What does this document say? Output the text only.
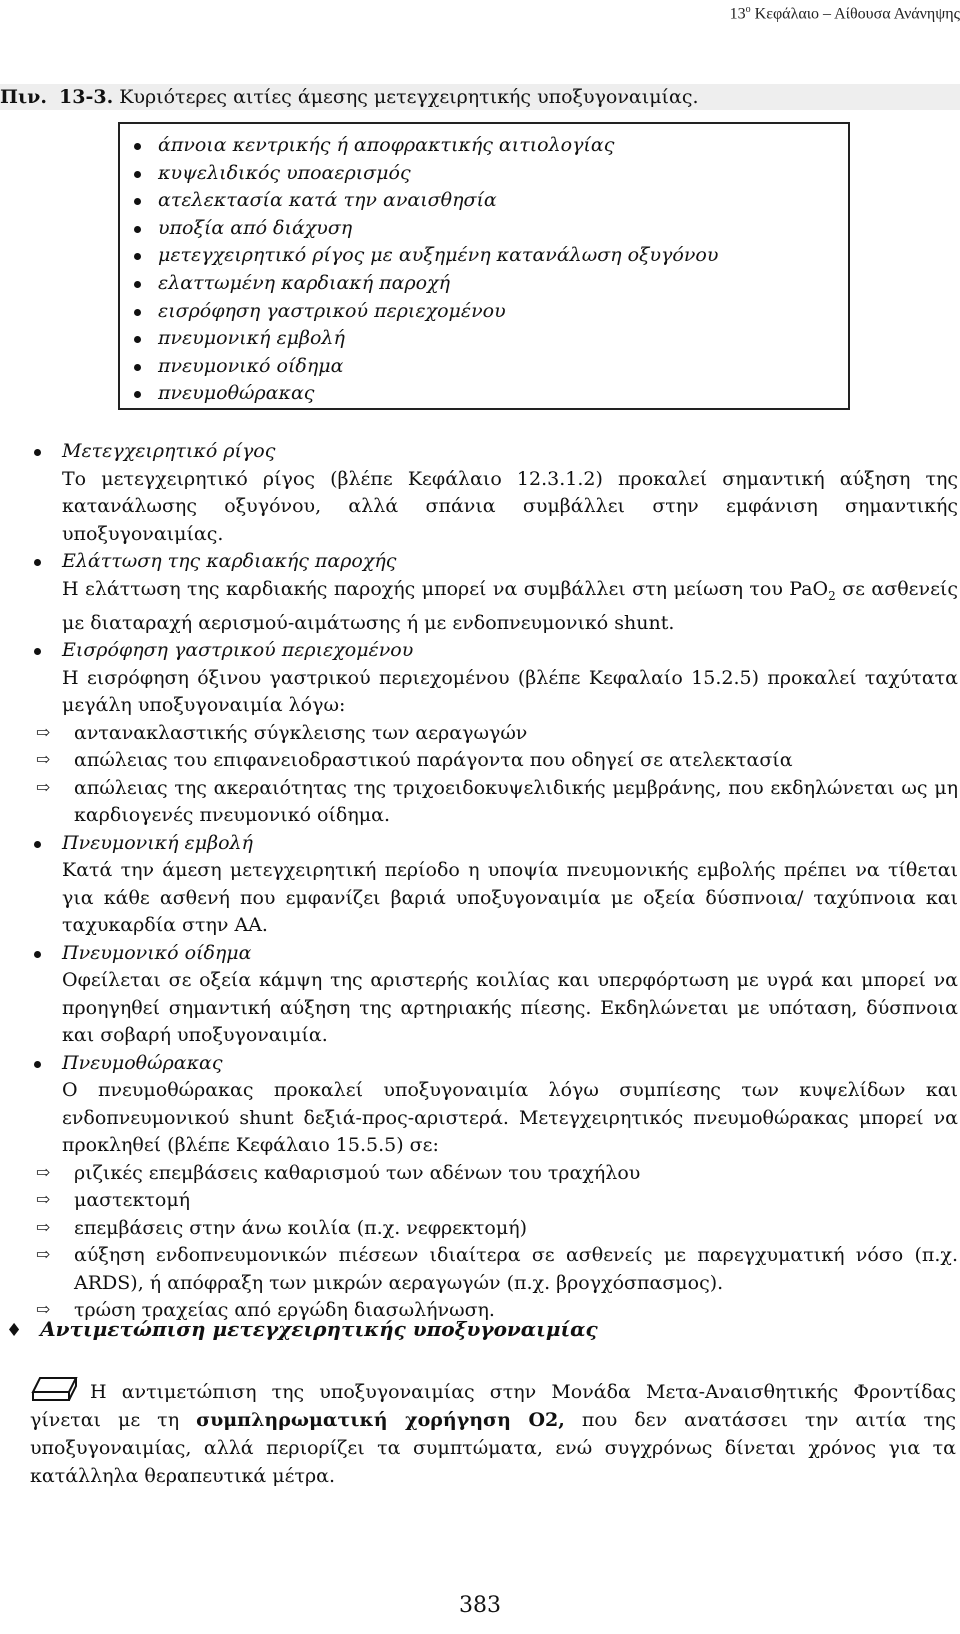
$13^o$ Κεφάλαιο – Αίθουσα Ανάνηψης
Πιν. 13-3. Κυριότερες αιτίες άμεσης μετεγχειρητικής υποξυγοναιμίας.
άπνοια κεντρικής ή αποφρακτικής αιτιολογίας
κυψελιδικός υποαερισμός
ατελεκτασία κατά την αναισθησία
υποξία από διάχυση
μετεγχειρητικό ρίγος με αυξημένη κατανάλωση οξυγόνου
ελαττωμένη καρδιακή παροχή
εισρόφηση γαστρικού περιεχομένου
πνευμονική εμβολή
πνευμονικό οίδημα
πνευμοθώρακας
Μετεγχειρητικό ρίγος
Το μετεγχειρητικό ρίγος (βλέπε Κεφάλαιο 12.3.1.2) προκαλεί σημαντική αύξηση της κατανάλωσης οξυγόνου, αλλά σπάνια συμβάλλει στην εμφάνιση σημαντικής υποξυγοναιμίας.
Ελάττωση της καρδιακής παροχής
Η ελάττωση της καρδιακής παροχής μπορεί να συμβάλλει στη μείωση του PaO$_2$ σε ασθενείς με διαταραχή αερισμού-αιμάτωσης ή με ενδοπνευμονικό shunt.
Εισρόφηση γαστρικού περιεχομένου
Η εισρόφηση όξινου γαστρικού περιεχομένου (βλέπε Κεφαλαίο 15.2.5) προκαλεί ταχύτατα μεγάλη υποξυγοναιμία λόγω:
⇨ αντανακλαστικής σύγκλεισης των αεραγωγών
⇨ απώλειας του επιφανειοδραστικού παράγοντα που οδηγεί σε ατελεκτασία
⇨ απώλειας της ακεραιότητας της τριχοειδοκυψελιδικής μεμβράνης, που εκδηλώνεται ως μη καρδιογενές πνευμονικό οίδημα.
Πνευμονική εμβολή
Κατά την άμεση μετεγχειρητική περίοδο η υποψία πνευμονικής εμβολής πρέπει να τίθεται για κάθε ασθενή που εμφανίζει βαριά υποξυγοναιμία με οξεία δύσπνοια/ ταχύπνοια και ταχυκαρδία στην ΑΑ.
Πνευμονικό οίδημα
Οφείλεται σε οξεία κάμψη της αριστερής κοιλίας και υπερφόρτωση με υγρά και μπορεί να προηγηθεί σημαντική αύξηση της αρτηριακής πίεσης. Εκδηλώνεται με υπόταση, δύσπνοια και σοβαρή υποξυγοναιμία.
Πνευμοθώρακας
Ο πνευμοθώρακας προκαλεί υποξυγοναιμία λόγω συμπίεσης των κυψελίδων και ενδοπνευμονικού shunt δεξιά-προς-αριστερά. Μετεγχειρητικός πνευμοθώρακας μπορεί να προκληθεί (βλέπε Κεφάλαιο 15.5.5) σε:
⇨ ριζικές επεμβάσεις καθαρισμού των αδένων του τραχήλου
⇨ μαστεκτομή
⇨ επεμβάσεις στην άνω κοιλία (π.χ. νεφρεκτομή)
⇨ αύξηση ενδοπνευμονικών πιέσεων ιδιαίτερα σε ασθενείς με παρεγχυματική νόσο (π.χ. ARDS), ή απόφραξη των μικρών αεραγωγών (π.χ. βρογχόσπασμος).
⇨ τρώση τραχείας από εργώδη διασωλήνωση.
♦ Αντιμετώπιση μετεγχειρητικής υποξυγοναιμίας
Η αντιμετώπιση της υποξυγοναιμίας στην Μονάδα Μετα-Αναισθητικής Φροντίδας γίνεται με τη συμπληρωματική χορήγηση Ο2, που δεν ανατάσσει την αιτία της υποξυγοναιμίας, αλλά περιορίζει τα συμπτώματα, ενώ συγχρόνως δίνεται χρόνος για τα κατάλληλα θεραπευτικά μέτρα.
383
